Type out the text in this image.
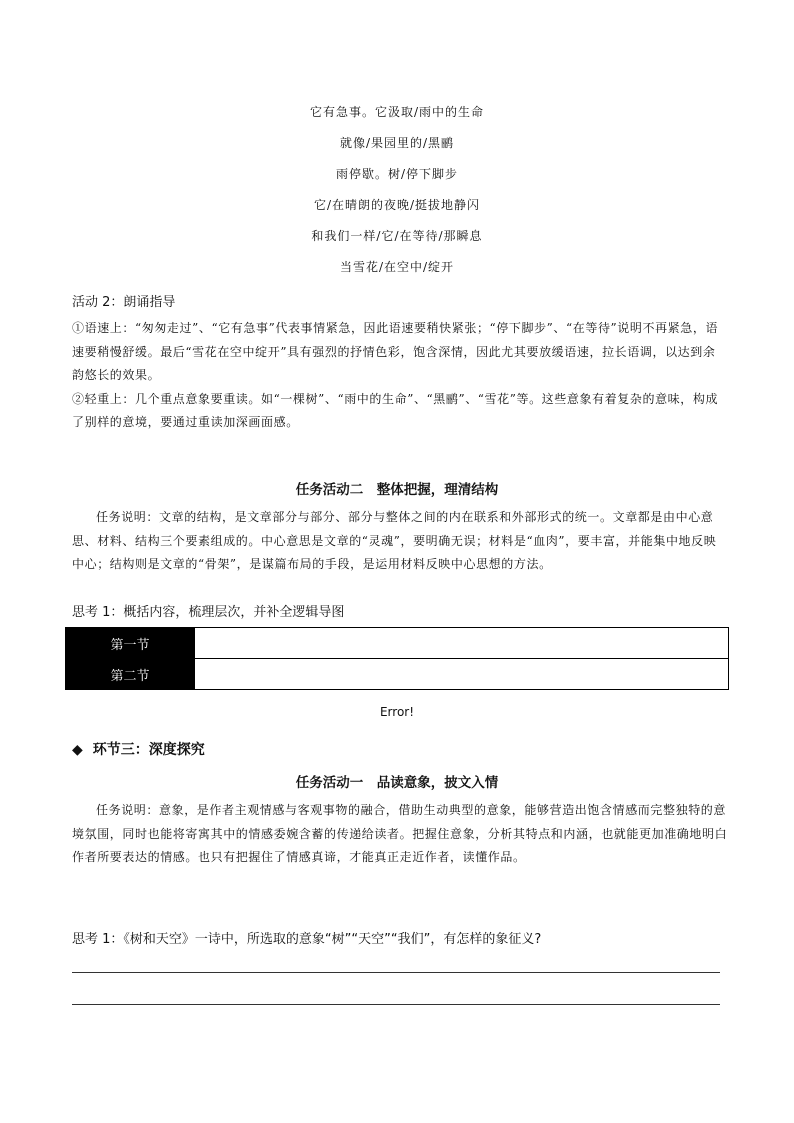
它有急事。它汲取/雨中的生命
就像/果园里的/黑鹂
雨停歇。树/停下脚步
它/在晴朗的夜晚/挺拔地静闪
和我们一样/它/在等待/那瞬息
当雪花/在空中/绽开
活动 2：朗诵指导

①语速上：“匆匆走过”、“它有急事”代表事情紧急，因此语速要稍快紧张；“停下脚步”、“在等待”说明不再紧急，语速要稍慢舒缓。最后“雪花在空中绽开”具有强烈的抒情色彩，饱含深情，因此尤其要放缓语速，拉长语调，以达到余韵悠长的效果。

②轻重上：几个重点意象要重读。如“一棵树”、“雨中的生命”、“黑鹂”、“雪花”等。这些意象有着复杂的意味，构成了别样的意境，要通过重读加深画面感。

任务活动二　整体把握，理清结构
任务说明：文章的结构，是文章部分与部分、部分与整体之间的内在联系和外部形式的统一。文章都是由中心意思、材料、结构三个要素组成的。中心意思是文章的“灵魂”，要明确无误；材料是“血肉”，要丰富，并能集中地反映中心；结构则是文章的“骨架”，是谋篇布局的手段，是运用材料反映中心思想的方法。
思考 1：概括内容，梳理层次，并补全逻辑导图
第一节	
第二节	
Error!
◆ 环节三：深度探究
任务活动一　品读意象，披文入情
任务说明：意象，是作者主观情感与客观事物的融合，借助生动典型的意象，能够营造出饱含情感而完整独特的意境氛围，同时也能将寄寓其中的情感委婉含蓄的传递给读者。把握住意象，分析其特点和内涵，也就能更加准确地明白作者所要表达的情感。也只有把握住了情感真谛，才能真正走近作者，读懂作品。
思考 1：《树和天空》一诗中，所选取的意象“树”“天空”“我们”，有怎样的象征义?
